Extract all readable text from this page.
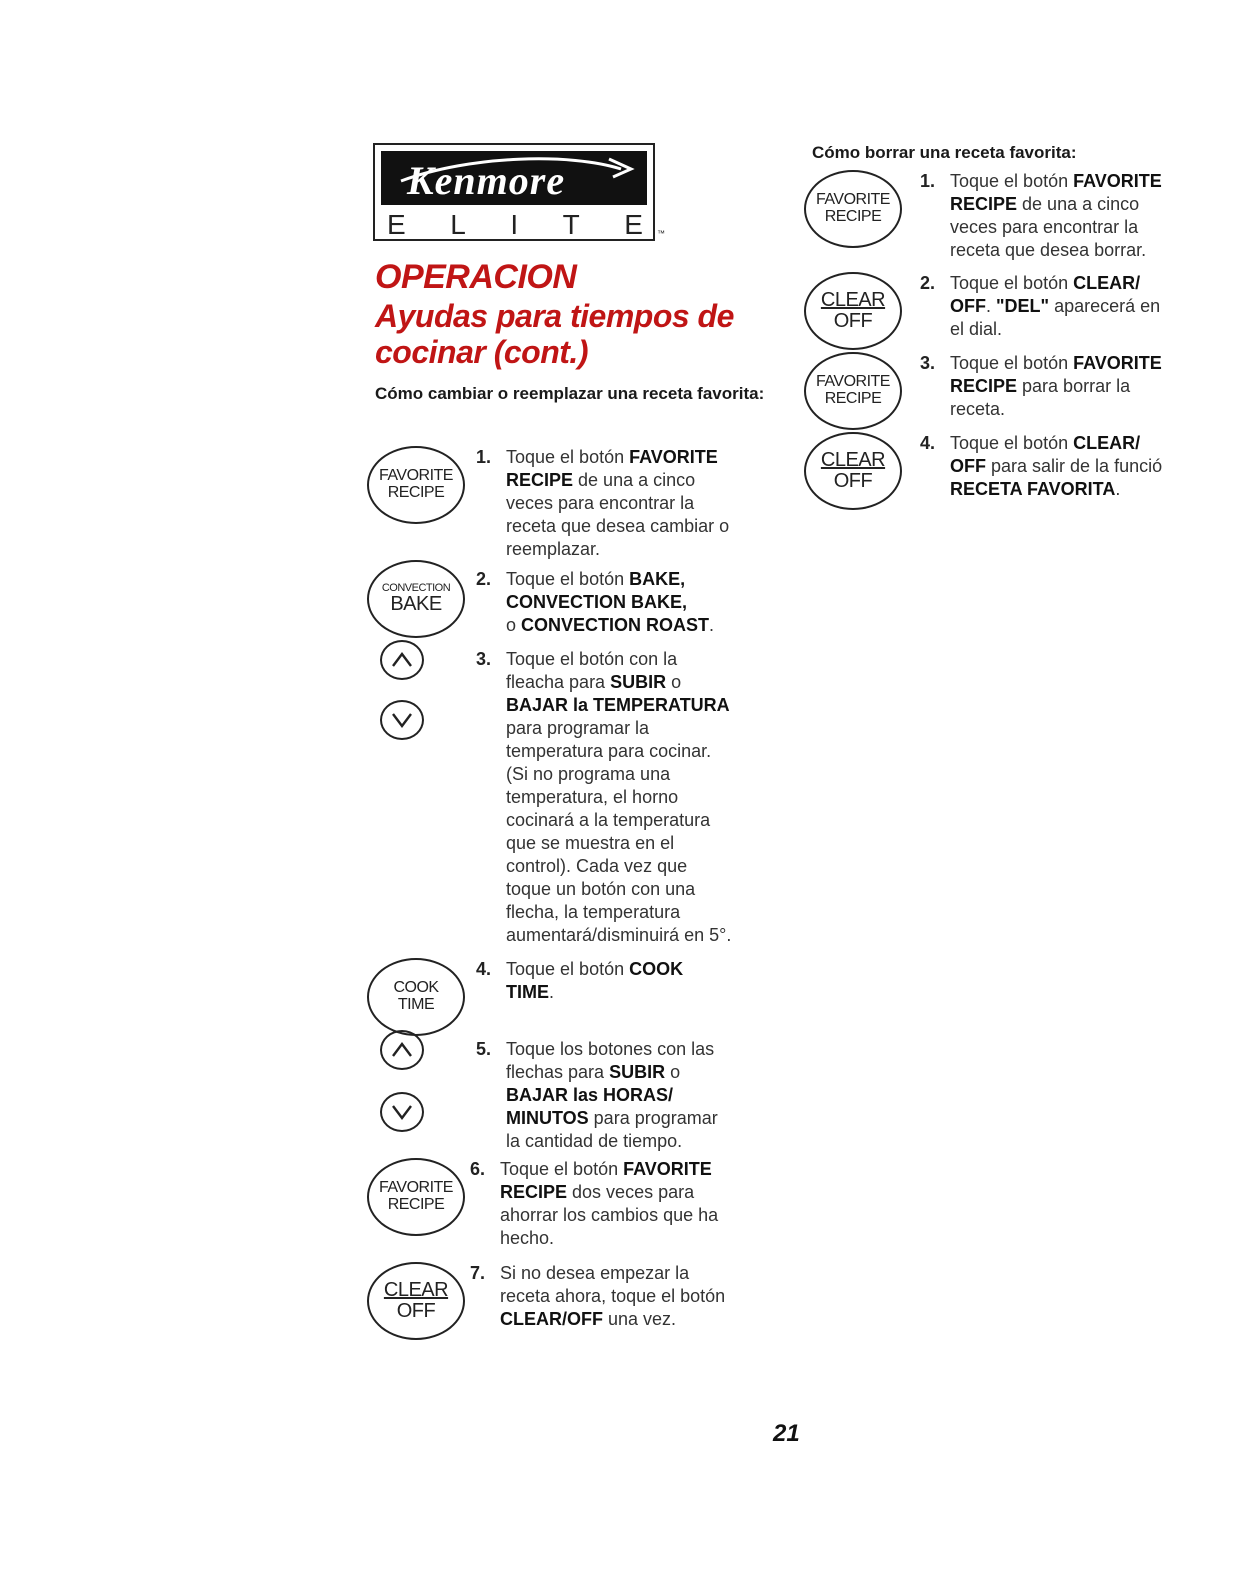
Kenmore
E L I T E ™
OPERACION
Ayudas para tiempos de cocinar (cont.)
Cómo cambiar o reemplazar una receta favorita:
FAVORITE
RECIPE
1. Toque el botón FAVORITE
RECIPE de una a cinco
veces para encontrar la
receta que desea cambiar o
reemplazar.
CONVECTION
BAKE
2. Toque el botón BAKE,
CONVECTION BAKE,
o CONVECTION ROAST.
3. Toque el botón con la
fleacha para SUBIR o
BAJAR la TEMPERATURA
para programar la
temperatura para cocinar.
(Si no programa una
temperatura, el horno
cocinará a la temperatura
que se muestra en el
control). Cada vez que
toque un botón con una
flecha, la temperatura
aumentará/disminuirá en 5°.
COOK
TIME
4. Toque el botón COOK
TIME.
5. Toque los botones con las
flechas para SUBIR o
BAJAR las HORAS/
MINUTOS para programar
la cantidad de tiempo.
FAVORITE
RECIPE
6. Toque el botón FAVORITE
RECIPE dos veces para
ahorrar los cambios que ha
hecho.
CLEAR
OFF
7. Si no desea empezar la
receta ahora, toque el botón
CLEAR/OFF una vez.
Cómo borrar una receta favorita:
FAVORITE
RECIPE
1. Toque el botón FAVORITE
RECIPE de una a cinco
veces para encontrar la
receta que desea borrar.
CLEAR
OFF
2. Toque el botón CLEAR/
OFF. "DEL" aparecerá en
el dial.
FAVORITE
RECIPE
3. Toque el botón FAVORITE
RECIPE para borrar la
receta.
CLEAR
OFF
4. Toque el botón CLEAR/
OFF para salir de la funció
RECETA FAVORITA.
21
